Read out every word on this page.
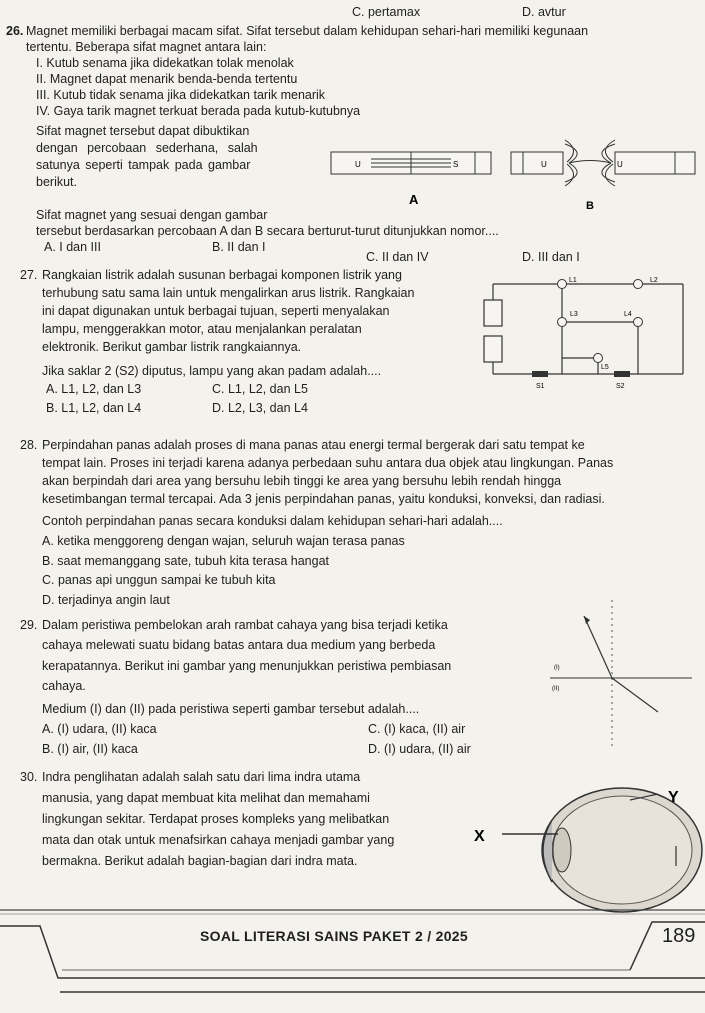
C. pertamax	D. avtur
26. Magnet memiliki berbagai macam sifat. Sifat tersebut dalam kehidupan sehari-hari memiliki kegunaan
tertentu. Beberapa sifat magnet antara lain:
I. Kutub senama jika didekatkan tolak menolak
II. Magnet dapat menarik benda-benda tertentu
III. Kutub tidak senama jika didekatkan tarik menarik
IV. Gaya tarik magnet terkuat berada pada kutub-kutubnya
Sifat magnet tersebut dapat dibuktikan
dengan percobaan sederhana, salah
satunya seperti tampak pada gambar
berikut.
U	S
A
U	U
B
Sifat magnet yang sesuai dengan gambar
tersebut berdasarkan percobaan A dan B secara berturut-turut ditunjukkan nomor....
A. I dan III	B. II dan I
C. II dan IV	D. III dan I
27. Rangkaian listrik adalah susunan berbagai komponen listrik yang
terhubung satu sama lain untuk mengalirkan arus listrik. Rangkaian
ini dapat digunakan untuk berbagai tujuan, seperti menyalakan
lampu, menggerakkan motor, atau menjalankan peralatan
elektronik. Berikut gambar listrik rangkaiannya.
Jika saklar 2 (S2) diputus, lampu yang akan padam adalah....
A. L1, L2, dan L3	C. L1, L2, dan L5
B. L1, L2, dan L4	D. L2, L3, dan L4
L1	L2
L3	L4
L5
S1	S2
28. Perpindahan panas adalah proses di mana panas atau energi termal bergerak dari satu tempat ke
tempat lain. Proses ini terjadi karena adanya perbedaan suhu antara dua objek atau lingkungan. Panas
akan berpindah dari area yang bersuhu lebih tinggi ke area yang bersuhu lebih rendah hingga
kesetimbangan termal tercapai. Ada 3 jenis perpindahan panas, yaitu konduksi, konveksi, dan radiasi.
Contoh perpindahan panas secara konduksi dalam kehidupan sehari-hari adalah....
A. ketika menggoreng dengan wajan, seluruh wajan terasa panas
B. saat memanggang sate, tubuh kita terasa hangat
C. panas api unggun sampai ke tubuh kita
D. terjadinya angin laut
29. Dalam peristiwa pembelokan arah rambat cahaya yang bisa terjadi ketika
cahaya melewati suatu bidang batas antara dua medium yang berbeda
kerapatannya. Berikut ini gambar yang menunjukkan peristiwa pembiasan
cahaya.
Medium (I) dan (II) pada peristiwa seperti gambar tersebut adalah....
A. (I) udara, (II) kaca	C. (I) kaca, (II) air
B. (I) air, (II) kaca	D. (I) udara, (II) air
(I)
(II)
30. Indra penglihatan adalah salah satu dari lima indra utama
manusia, yang dapat membuat kita melihat dan memahami
lingkungan sekitar. Terdapat proses kompleks yang melibatkan
mata dan otak untuk menafsirkan cahaya menjadi gambar yang
bermakna. Berikut adalah bagian-bagian dari indra mata.
X
Y
SOAL LITERASI SAINS PAKET 2 / 2025	189
